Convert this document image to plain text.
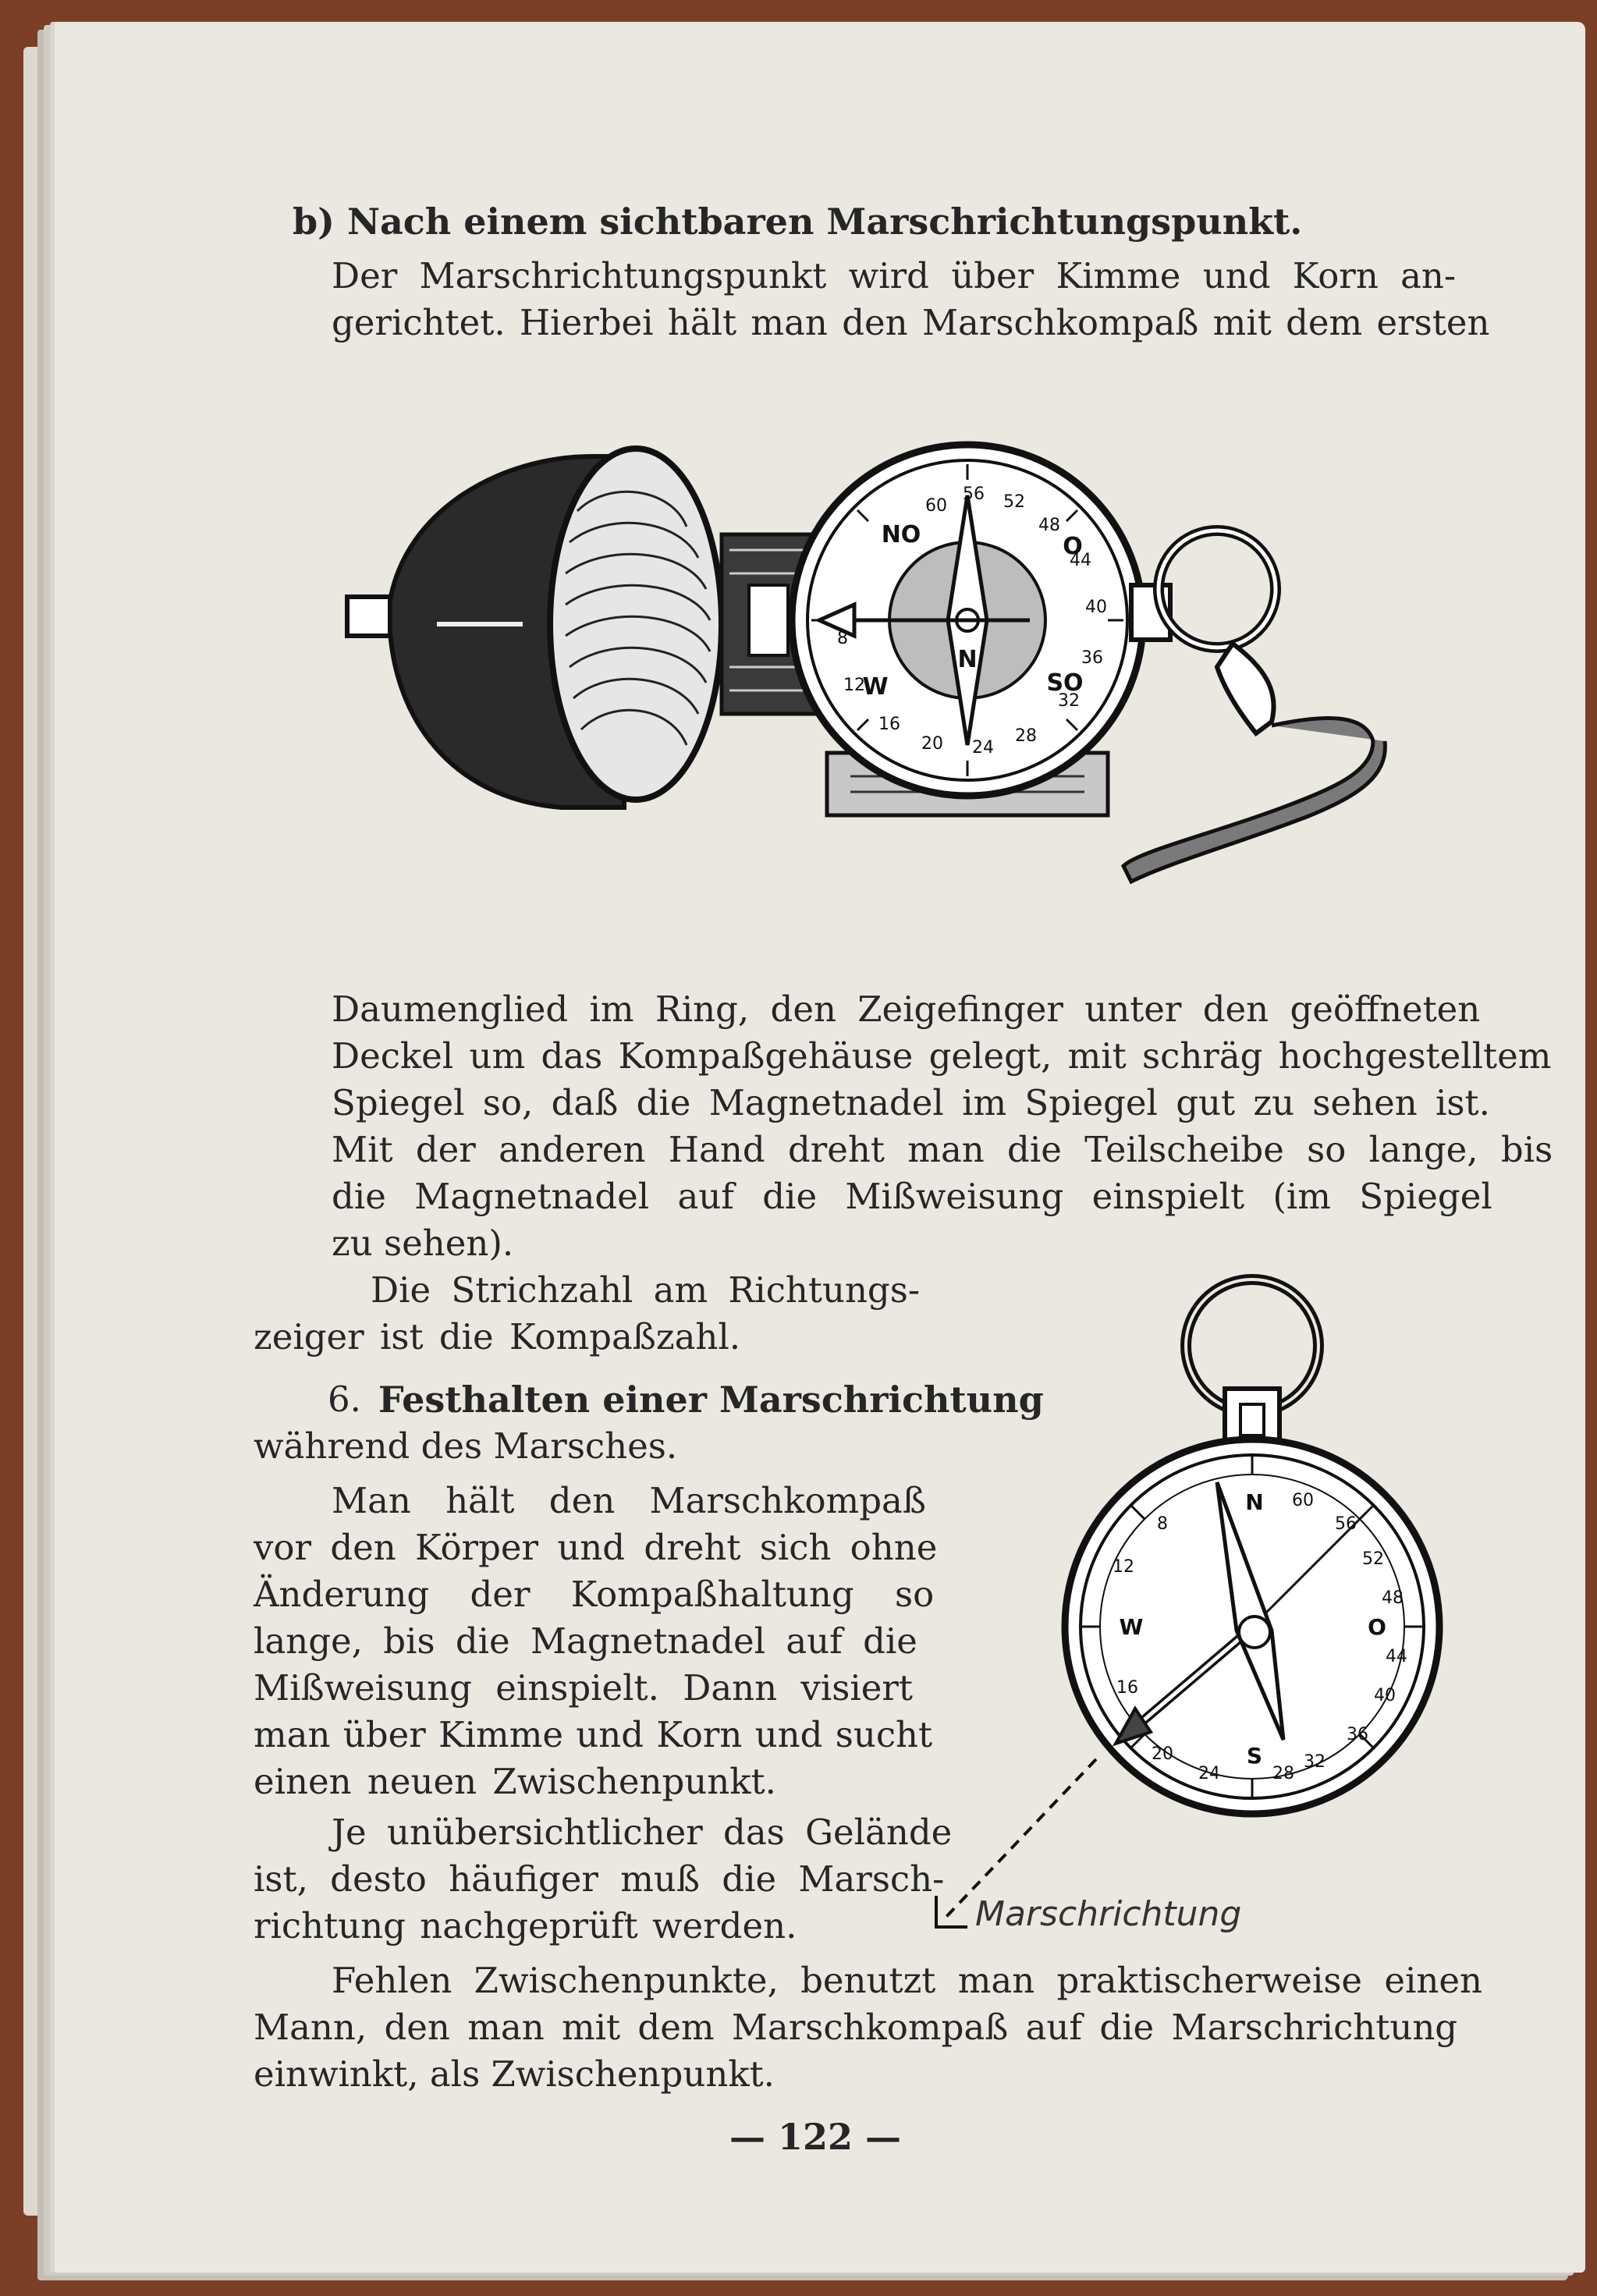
b) Nach einem sichtbaren Marschrichtungspunkt.

Der Marschrichtungspunkt wird über Kimme und Korn an-

gerichtet. Hierbei hält man den Marschkompaß mit dem ersten

60
56 52
48
44
40
36
32
28
24
20
16
12
8
NO	O
SO
W
N

Daumenglied im Ring, den Zeigefinger unter den geöffneten

Deckel um das Kompaßgehäuse gelegt, mit schräg hochgestelltem

Spiegel so, daß die Magnetnadel im Spiegel gut zu sehen ist.

Mit der anderen Hand dreht man die Teilscheibe so lange, bis

die Magnetnadel auf die Mißweisung einspielt (im Spiegel

zu sehen).

Die Strichzahl am Richtungs-

zeiger ist die Kompaßzahl.

6. Festhalten einer Marschrichtung

während des Marsches.

Man hält den Marschkompaß

vor den Körper und dreht sich ohne

Änderung der Kompaßhaltung so

lange, bis die Magnetnadel auf die

Mißweisung einspielt. Dann visiert

man über Kimme und Korn und sucht

einen neuen Zwischenpunkt.

Je unübersichtlicher das Gelände

ist, desto häufiger muß die Marsch-

richtung nachgeprüft werden.

N
O
S
W
60
56
52
48
44
40
36
32
28
24
20
16
12
8

Marschrichtung

Fehlen Zwischenpunkte, benutzt man praktischerweise einen

Mann, den man mit dem Marschkompaß auf die Marschrichtung

einwinkt, als Zwischenpunkt.

— 122 —
